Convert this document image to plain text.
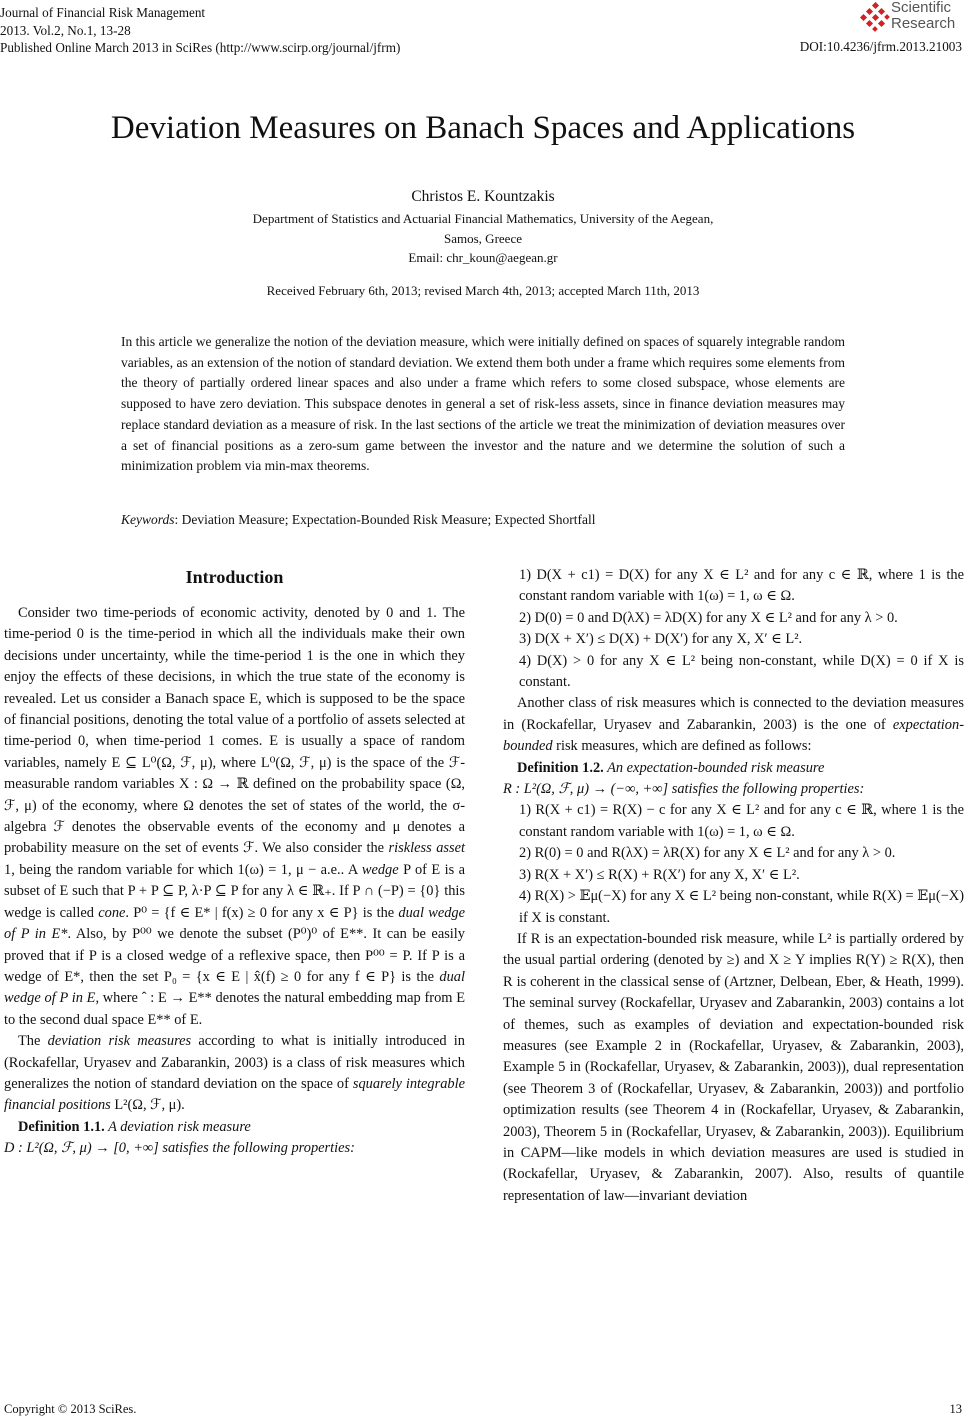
Journal of Financial Risk Management
2013. Vol.2, No.1, 13-28
Published Online March 2013 in SciRes (http://www.scirp.org/journal/jfrm)	DOI:10.4236/jfrm.2013.21003
Scientific
Research
Deviation Measures on Banach Spaces and Applications
Christos E. Kountzakis
Department of Statistics and Actuarial Financial Mathematics, University of the Aegean,
Samos, Greece
Email: chr_koun@aegean.gr
Received February 6th, 2013; revised March 4th, 2013; accepted March 11th, 2013
In this article we generalize the notion of the deviation measure, which were initially defined on spaces of squarely integrable random variables, as an extension of the notion of standard deviation. We extend them both under a frame which requires some elements from the theory of partially ordered linear spaces and also under a frame which refers to some closed subspace, whose elements are supposed to have zero deviation. This subspace denotes in general a set of risk-less assets, since in finance deviation measures may replace standard deviation as a measure of risk. In the last sections of the article we treat the minimization of deviation measures over a set of financial positions as a zero-sum game between the investor and the nature and we determine the solution of such a minimization problem via min-max theorems.
Keywords: Deviation Measure; Expectation-Bounded Risk Measure; Expected Shortfall
Introduction

Consider two time-periods of economic activity, denoted by 0 and 1. The time-period 0 is the time-period in which all the individuals make their own decisions under uncertainty, while the time-period 1 is the one in which they enjoy the effects of these decisions, in which the true state of the economy is revealed. Let us consider a Banach space E, which is supposed to be the space of financial positions, denoting the total value of a portfolio of assets selected at time-period 0, when time-period 1 comes. E is usually a space of random variables, namely E ⊆ L⁰(Ω, ℱ, μ), where L⁰(Ω, ℱ, μ) is the space of the ℱ-measurable random variables X : Ω → ℝ defined on the probability space (Ω, ℱ, μ) of the economy, where Ω denotes the set of states of the world, the σ-algebra ℱ denotes the observable events of the economy and μ denotes a probability measure on the set of events ℱ. We also consider the riskless asset 1, being the random variable for which 1(ω) = 1, μ − a.e.. A wedge P of E is a subset of E such that P + P ⊆ P, λ·P ⊆ P for any λ ∈ ℝ₊. If P ∩ (−P) = {0} this wedge is called cone. P⁰ = {f ∈ E* | f(x) ≥ 0 for any x ∈ P} is the dual wedge of P in E*. Also, by P⁰⁰ we denote the subset (P⁰)⁰ of E**. It can be easily proved that if P is a closed wedge of a reflexive space, then P⁰⁰ = P. If P is a wedge of E*, then the set P₀ = {x ∈ E | x̂(f) ≥ 0 for any f ∈ P} is the dual wedge of P in E, where ˆ : E → E** denotes the natural embedding map from E to the second dual space E** of E.

The deviation risk measures according to what is initially introduced in (Rockafellar, Uryasev and Zabarankin, 2003) is a class of risk measures which generalizes the notion of standard deviation on the space of squarely integrable financial positions L²(Ω, ℱ, μ).

Definition 1.1. A deviation risk measure

D : L²(Ω, ℱ, μ) → [0, +∞] satisfies the following properties:

1) D(X + c1) = D(X) for any X ∈ L² and for any c ∈ ℝ, where 1 is the constant random variable with 1(ω) = 1, ω ∈ Ω.

2) D(0) = 0 and D(λX) = λD(X) for any X ∈ L² and for any λ > 0.

3) D(X + X′) ≤ D(X) + D(X′) for any X, X′ ∈ L².

4) D(X) > 0 for any X ∈ L² being non-constant, while D(X) = 0 if X is constant.

Another class of risk measures which is connected to the deviation measures in (Rockafellar, Uryasev and Zabarankin, 2003) is the one of expectation-bounded risk measures, which are defined as follows:

Definition 1.2. An expectation-bounded risk measure

R : L²(Ω, ℱ, μ) → (−∞, +∞] satisfies the following properties:

1) R(X + c1) = R(X) − c for any X ∈ L² and for any c ∈ ℝ, where 1 is the constant random variable with 1(ω) = 1, ω ∈ Ω.

2) R(0) = 0 and R(λX) = λR(X) for any X ∈ L² and for any λ > 0.

3) R(X + X′) ≤ R(X) + R(X′) for any X, X′ ∈ L².

4) R(X) > 𝔼μ(−X) for any X ∈ L² being non-constant, while R(X) = 𝔼μ(−X) if X is constant.

If R is an expectation-bounded risk measure, while L² is partially ordered by the usual partial ordering (denoted by ≥) and X ≥ Y implies R(Y) ≥ R(X), then R is coherent in the classical sense of (Artzner, Delbean, Eber, & Heath, 1999). The seminal survey (Rockafellar, Uryasev and Zabarankin, 2003) contains a lot of themes, such as examples of deviation and expectation-bounded risk measures (see Example 2 in (Rockafellar, Uryasev, & Zabarankin, 2003), Example 5 in (Rockafellar, Uryasev, & Zabarankin, 2003)), dual representation (see Theorem 3 of (Rockafellar, Uryasev, & Zabarankin, 2003)) and portfolio optimization results (see Theorem 4 in (Rockafellar, Uryasev, & Zabarankin, 2003), Theorem 5 in (Rockafellar, Uryasev, & Zabarankin, 2003)). Equilibrium in CAPM—like models in which deviation measures are used is studied in (Rockafellar, Uryasev, & Zabarankin, 2007). Also, results of quantile representation of law—invariant deviation

Copyright © 2013 SciRes.	13
